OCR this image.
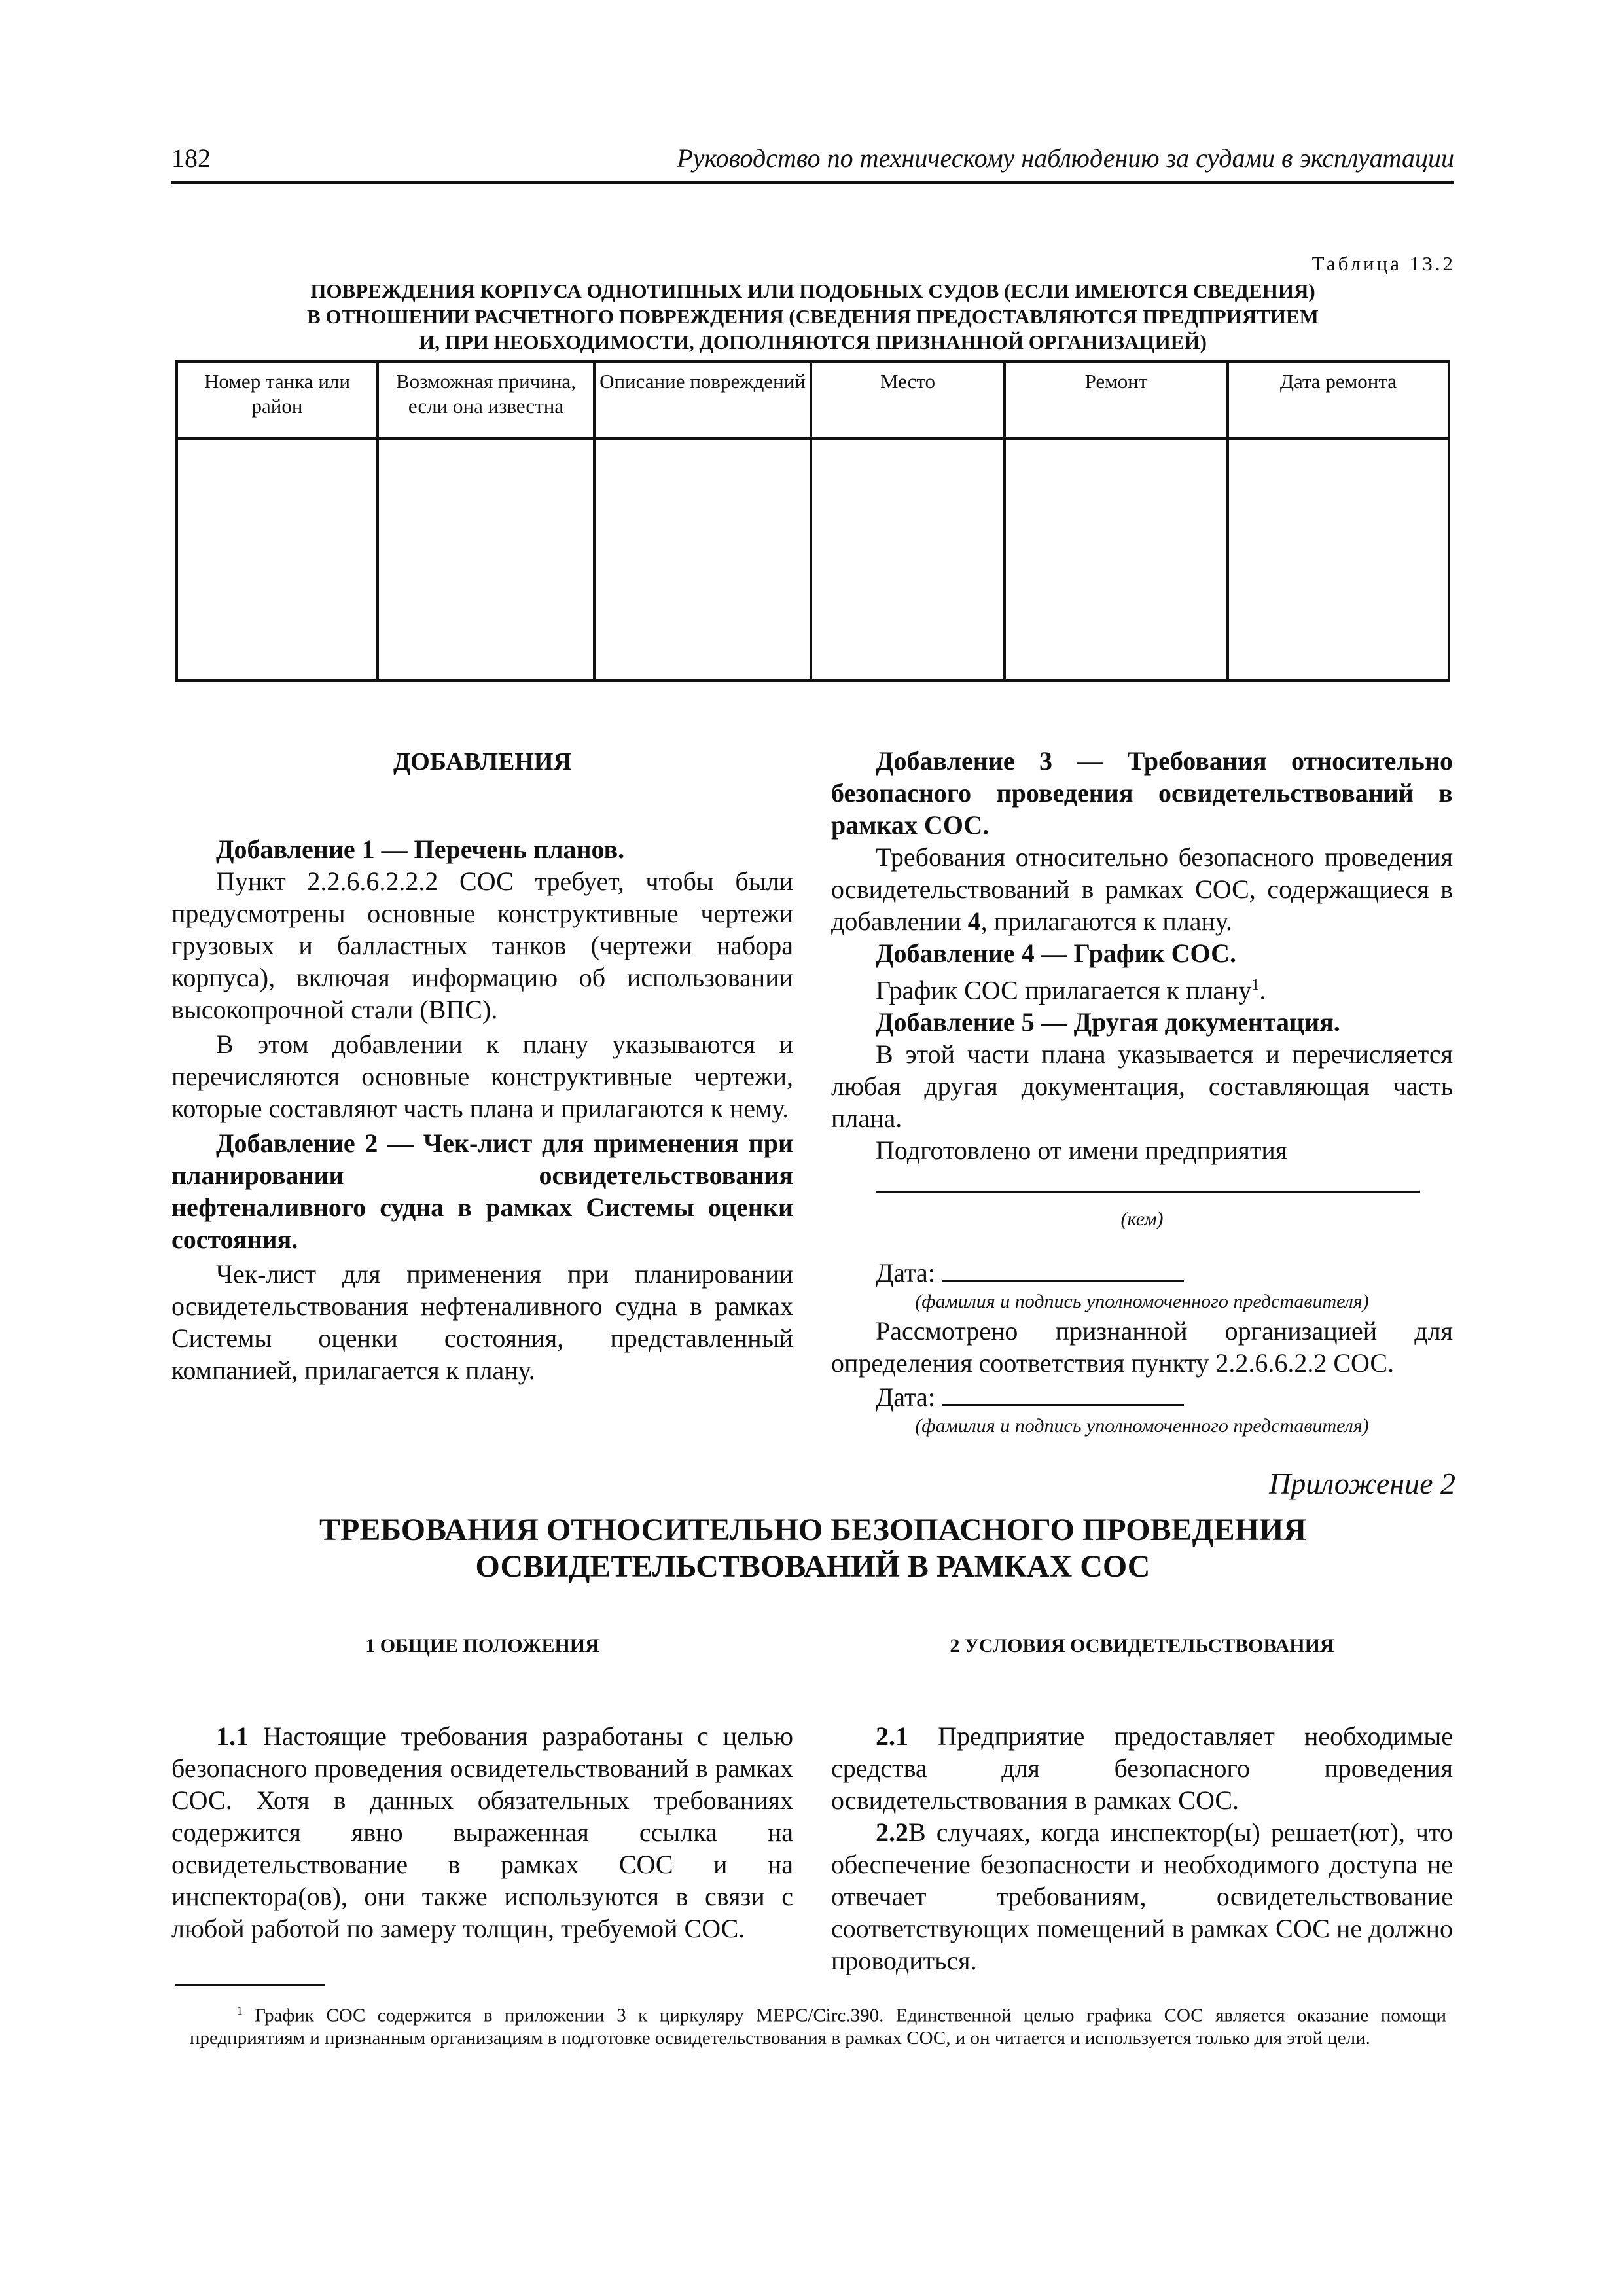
182	Руководство по техническому наблюдению за судами в эксплуатации
Таблица 13.2
ПОВРЕЖДЕНИЯ КОРПУСА ОДНОТИПНЫХ ИЛИ ПОДОБНЫХ СУДОВ (ЕСЛИ ИМЕЮТСЯ СВЕДЕНИЯ)
В ОТНОШЕНИИ РАСЧЕТНОГО ПОВРЕЖДЕНИЯ (СВЕДЕНИЯ ПРЕДОСТАВЛЯЮТСЯ ПРЕДПРИЯТИЕМ
И, ПРИ НЕОБХОДИМОСТИ, ДОПОЛНЯЮТСЯ ПРИЗНАННОЙ ОРГАНИЗАЦИЕЙ)
Номер танка или район	Возможная причина, если она известна	Описание повреждений	Место	Ремонт	Дата ремонта

ДОБАВЛЕНИЯ

Добавление 1 — Перечень планов.

Пункт 2.2.6.6.2.2.2 СОС требует, чтобы были предусмотрены основные конструктивные чертежи грузовых и балластных танков (чертежи набора корпуса), включая информацию об использовании высокопрочной стали (ВПС).

В этом добавлении к плану указываются и перечисляются основные конструктивные чертежи, которые составляют часть плана и прилагаются к нему.

Добавление 2 — Чек-лист для применения при планировании освидетельствования нефтеналивного судна в рамках Системы оценки состояния.

Чек-лист для применения при планировании освидетельствования нефтеналивного судна в рамках Системы оценки состояния, представленный компанией, прилагается к плану.

Добавление 3 — Требования относительно безопасного проведения освидетельствований в рамках СОС.

Требования относительно безопасного проведения освидетельствований в рамках СОС, содержащиеся в добавлении 4, прилагаются к плану.

Добавление 4 — График СОС.

График СОС прилагается к плану$^1$.

Добавление 5 — Другая документация.

В этой части плана указывается и перечисляется любая другая документация, составляющая часть плана.

Подготовлено от имени предприятия

(кем)

Дата:

(фамилия и подпись уполномоченного представителя)

Рассмотрено признанной организацией для определения соответствия пункту 2.2.6.6.2.2 СОС.

Дата:

(фамилия и подпись уполномоченного представителя)

Приложение 2
ТРЕБОВАНИЯ ОТНОСИТЕЛЬНО БЕЗОПАСНОГО ПРОВЕДЕНИЯ
ОСВИДЕТЕЛЬСТВОВАНИЙ В РАМКАХ СОС
1 ОБЩИЕ ПОЛОЖЕНИЯ	2 УСЛОВИЯ ОСВИДЕТЕЛЬСТВОВАНИЯ

1.1 Настоящие требования разработаны с целью безопасного проведения освидетельствований в рамках СОС. Хотя в данных обязательных требованиях содержится явно выраженная ссылка на освидетельствование в рамках СОС и на инспектора(ов), они также используются в связи с любой работой по замеру толщин, требуемой СОС.

2.1 Предприятие предоставляет необходимые средства для безопасного проведения освидетельствования в рамках СОС.

2.2В случаях, когда инспектор(ы) решает(ют), что обеспечение безопасности и необходимого доступа не отвечает требованиям, освидетельствование соответствующих помещений в рамках СОС не должно проводиться.

$^1$ График СОС содержится в приложении 3 к циркуляру МЕРС/Circ.390. Единственной целью графика СОС является оказание помощи предприятиям и признанным организациям в подготовке освидетельствования в рамках СОС, и он читается и используется только для этой цели.
